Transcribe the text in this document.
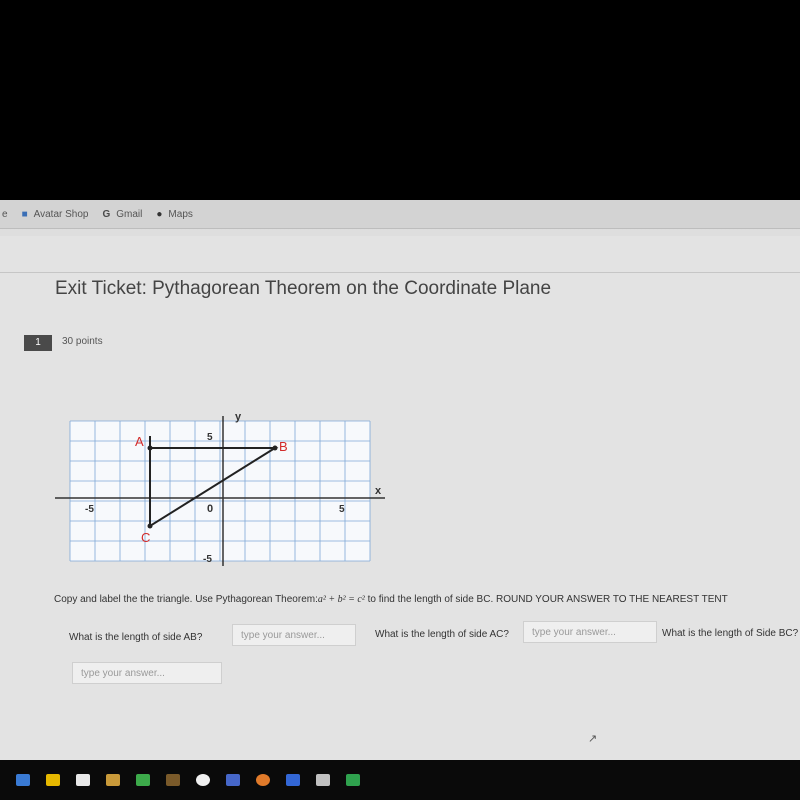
e ■ Avatar Shop G Gmail ● Maps
Exit Ticket: Pythagorean Theorem on the Coordinate Plane
1	30 points
A	B
C
y
x
5
-5
5
-5	0
Copy and label the the triangle. Use Pythagorean Theorem:a² + b² = c² to find the length of side BC. ROUND YOUR ANSWER TO THE NEAREST TENT
What is the length of side AB?
type your answer...	What is the length of side AC?
type your answer...	What is the length of Side BC?
type your answer...
↗
